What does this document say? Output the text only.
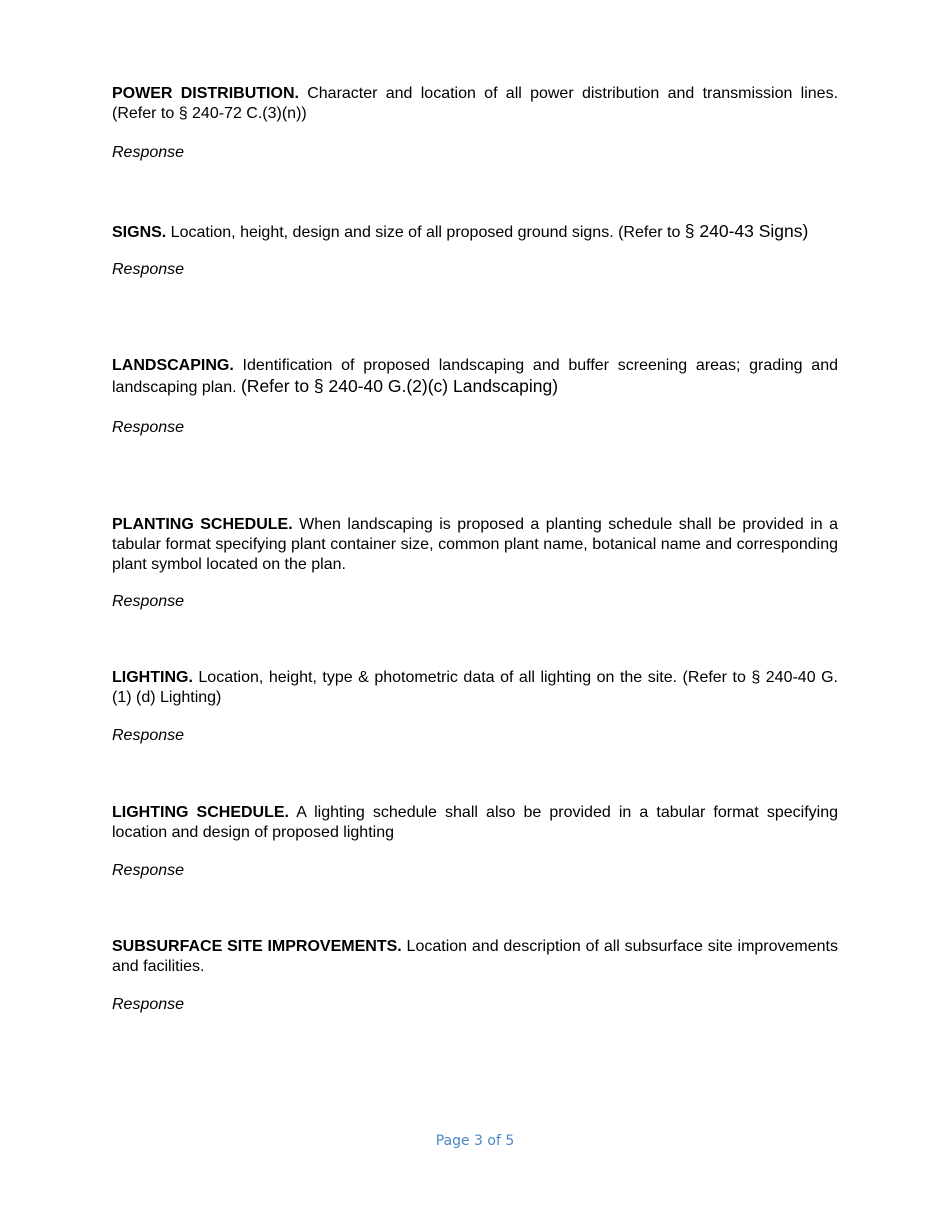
POWER DISTRIBUTION. Character and location of all power distribution and transmission lines. (Refer to § 240-72 C.(3)(n))

Response

SIGNS. Location, height, design and size of all proposed ground signs. (Refer to § 240-43 Signs)

Response

LANDSCAPING. Identification of proposed landscaping and buffer screening areas; grading and landscaping plan. (Refer to § 240-40 G.(2)(c) Landscaping)

Response

PLANTING SCHEDULE. When landscaping is proposed a planting schedule shall be provided in a tabular format specifying plant container size, common plant name, botanical name and corresponding plant symbol located on the plan.

Response

LIGHTING. Location, height, type & photometric data of all lighting on the site. (Refer to § 240-40 G.(1) (d) Lighting)

Response

LIGHTING SCHEDULE. A lighting schedule shall also be provided in a tabular format specifying location and design of proposed lighting

Response

SUBSURFACE SITE IMPROVEMENTS. Location and description of all subsurface site improvements and facilities.

Response

Page 3 of 5
